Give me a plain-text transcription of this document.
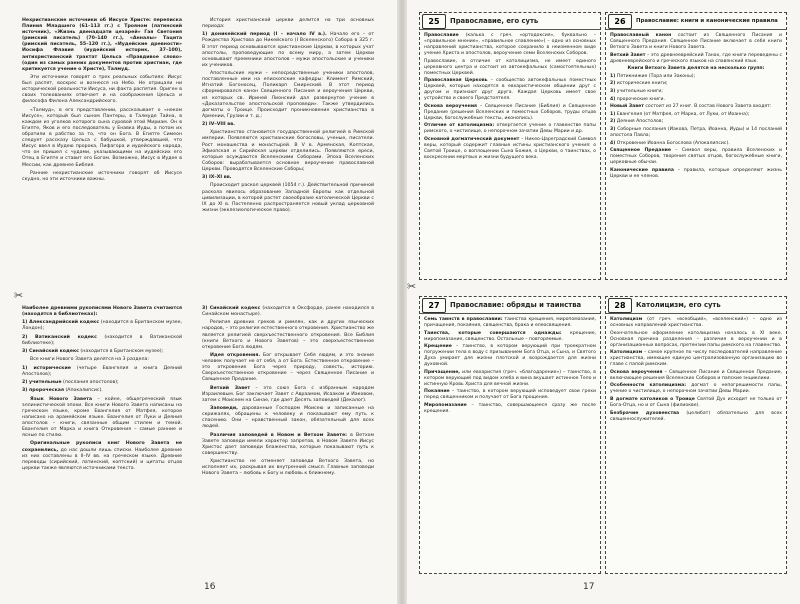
Нехристианские источники об Иисусе Христе: переписка Плиния Младшего (61–113 гг.) с Трояном (латинский источник), «Жизнь двенадцати цезарей» Гая Светония (римский писатель) (70–140 гг.), «Анналы» Тацита (римский писатель, 55–120 гг.), «Иудейские древности» Иосифа Флавия (иудейский историк, 37–100), антихристианский трактат Цельса «Правдивое слово» (один из самых ранних документов против христиан, где критикуется учение о Христе), Талмуд.

Эти источники говорят о трех реальных событиях: Иисус был распят, воскрес и вознесся на Небо. Не отрицали ни исторической реальности Иисуса, ни факта распятия. Ориген в своих толкованиях отвечает и на соображения Цельса и философа Филона Александрийского.

«Талмуд», в его представлении, рассказывает о «неком Иисусе», который был сыном Пантеры, в Талмуде Тайна, в каждом из уголков которого сына суровой этой Мириам. Он в Египте, Яков и его последователь у Енавка Иуды, а потом их обратили в рабство за то, что он Бога. В Египте Симеон следует рассказу Цельса с бабушкой, утверждавшей, что Иисус ввел в Иудею пророка, Пифагора и иудейского народа, что он пришел с чудами, указывающими на иудейских его Отец в Египте и ставит его Богом. Возможно, Иисус в Иудее в Мессии, как древнее Библия.

Ранние нехристианские источники говорят об Иисусе скудно, но эти источники важны.

История христианской церкви делится на три основных периода:

1) доникейский период (I – начало IV в.). Начало его – от Рождества Христова до Никейского (I Вселенского) Собора в 325 г. В этот период основываются христианские Церкви, в которых учат апостолы, проповедующие по всему миру, а затем Церкви основывают преемники апостолов – мужи апостольские и ученики их учеников.

Апостольские мужи – непосредственные ученики апостолов, поставленные ими на епископские кафедры: Климент Римский, Игнатий Богоносец, Поликарп Смирнский. В этот период сформировался канон Священного Писания и вероучения Церкви, из которых св. Ириней Лионский дал развернутое учение в «Доказательстве апостольской проповеди». Также утвердились догматы о Троице. Происходит проникновение христианства в Армении, Грузии и т. д.;

2) IV–VIII вв.

Христианство становится государственной религией в Римской империи. Появляются христианские богословы, ученые, писатели. Рост монашества и монастырей. В V в. Армянская, Коптская, Эфиопская и Сирийская церкви отделились. Появляются ереси, которые осуждаются Вселенскими Соборами. Эпоха Вселенских Соборов: вырабатывается основное вероучение православной Церкви. Проводятся Вселенские Соборы;

3) IX–XI вв.

Происходит раскол церквей (1054 г.). Действительной причиной раскола явилось образование Западной Европы как отдельной цивилизации, в которой растет своеобразие католической Церкви с IX до XI в. Постепенно распространяется новый уклад церковной жизни (экклезиологическое право).

✂

Наиболее древними рукописями Нового Завета считаются (находятся в библиотеках):

1) Александрийский кодекс (находится в Британском музее, Лондон);

2) Ватиканский кодекс (находится в Ватиканской библиотеке);

3) Синайский кодекс (находится в Британском музее);

Все книги Нового Завета делятся на 3 раздела:

1) исторические (четыре Евангелия и книга Деяний Апостолов);

2) учительные (послания апостолов);

3) пророческая (Апокалипсис).

Язык Нового Завета – койне, общегреческий язык эллинистической эпохи. Все книги Нового Завета написаны на греческом языке, кроме Евангелия от Матфея, которое написано на арамейском языке. Евангелия от Луки и Деяния апостолов – книги, связанные общим стилем и темой. Евангелия от Марка и книга Откровения – самые ранние и ясные по стилю.

Оригинальные рукописи книг Нового Завета не сохранились, до нас дошли лишь списки. Наиболее древние из них составлены в II–IV вв. на греческом языке. Древние переводы (сирийский, латинский, коптский) и цитаты отцов церкви также являются источниками текста.

3) Синайский кодекс (находится в Оксфорде, ранее находился в Синайском монастыре).

Религия древних греков и римлян, как и других языческих народов, – это религия естественного откровения. Христианство же является религией сверхъестественного откровения. Все Библия (книги Ветхого и Нового Заветов) – это сверхъестественное откровение Бога людям.

Идея откровения. Бог открывает Себя людям, и это знание человек получает не от себя, а от Бога. Естественное откровение – это откровение Бога через природу, совесть, историю. Сверхъестественное откровение – через Священное Писание и Священное Предание.

Ветхий Завет – это союз Бога с избранным народом Израилевым. Бог заключает Завет с Авраамом, Исааком и Иаковом, затем с Моисеем на Синае, где дает Десять заповедей (Декалог).

Заповеди, дарованные Господом Моисею и записанные на скрижалях, обращены к человеку и показывают ему путь к спасению. Они – нравственный закон, обязательный для всех людей.

Различия заповедей в Новом и Ветхом Завете: в Ветхом Завете заповеди имели характер запретов, в Новом Завете Иисус Христос дает заповеди блаженства, которые показывают путь к совершенству.

Христианство не отменяет заповеди Ветхого Завета, но исполняет их, раскрывая их внутренний смысл. Главные заповеди Нового Завета – любовь к Богу и любовь к ближнему.

16
25	Православие, его суть

Православие (калька с греч. «ортодоксия», буквально – «правильное мнение», «правильное славление») – одно из основных направлений христианства, которое сохранило в неизменном виде учение Христа и апостолов, вероучение семи Вселенских Соборов.

Православие, в отличие от католицизма, не имеет единого церковного центра и состоит из автокефальных (самостоятельных) поместных Церквей.

Православная Церковь – сообщество автокефальных поместных Церквей, которые находятся в евхаристическом общении друг с другом и признают друг друга. Каждая Церковь имеет свое устройство и своего Предстоятеля.

Основа вероучения – Священное Писание (Библия) и Священное Предание (решения Вселенских и поместных Соборов, труды отцов Церкви, богослужебные тексты, иконопись).

Отличие от католицизма: отвергается учение о главенстве папы римского, о чистилище, о непорочном зачатии Девы Марии и др.

Основной догматический документ – Никео-Цареградский Символ веры, который содержит главные истины христианского учения: о Святой Троице, о воплощении Сына Божия, о Церкви, о таинствах, о воскресении мертвых и жизни будущего века.

26	Православие: книги и канонические правила

Православный канон состоит из Священного Писания и Священного Предания. Священное Писание включает в себя книги Ветхого Завета и книги Нового Завета.

Ветхий Завет – это древнееврейский Танах, где книги переведены с древнееврейского и греческого языков на славянский язык.

Книги Ветхого Завета делятся на несколько групп:

1) Пятикнижие (Тора или Законы);

2) исторические книги;

3) учительные книги;

4) пророческие книги.

Новый Завет состоит из 27 книг. В состав Нового Завета входят:

1) Евангелия (от Матфея, от Марка, от Луки, от Иоанна);

2) Деяния Апостолов;

3) Соборные послания (Иакова, Петра, Иоанна, Иуды) и 14 посланий апостола Павла;

4) Откровение Иоанна Богослова (Апокалипсис).

Священное Предание – Символ веры, правила Вселенских и поместных Соборов, творения святых отцов, богослужебные книги, церковные обычаи.

Канонические правила – правила, которые определяют жизнь Церкви и ее членов.

✂
27	Православие: обряды и таинства

Семь таинств в православии: таинства крещения, миропомазания, причащения, покаяния, священства, брака и елеосвящения.

Таинства, которые совершаются однажды: крещение, миропомазание, священство. Остальные – повторяемые.

Крещение – таинство, в котором верующий при троекратном погружении тела в воду с призыванием Бога Отца, и Сына, и Святого Духа умирает для жизни плотской и возрождается для жизни духовной.

Причащение, или евхаристия (греч. «благодарение») – таинство, в котором верующий под видом хлеба и вина вкушает истинное Тело и истинную Кровь Христа для вечной жизни.

Покаяние – таинство, в котором верующий исповедует свои грехи перед священником и получает от Бога прощение.

Миропомазание – таинство, совершающееся сразу же после крещения.

28	Католицизм, его суть

Католицизм (от греч. «всеобщий», «вселенский») – одно из основных направлений христианства.

Окончательное оформление католицизма началось в XI веке. Основная причина разделения – различия в вероучении и в организационных вопросах, претензии папы римского на главенство.

Католицизм – самое крупное по числу последователей направление христианства, имеющее единую централизованную организацию во главе с папой римским.

Основа вероучения – Священное Писание и Священное Предание, включающее решения Вселенских Соборов и папские энциклики.

Особенности католицизма: догмат о непогрешимости папы, учение о чистилище, о непорочном зачатии Девы Марии.

В догмате католиков о Троице Святой Дух исходит не только от Бога-Отца, но и от Сына (филиокве).

Безбрачие духовенства (целибат) обязательно для всех священнослужителей.

17
